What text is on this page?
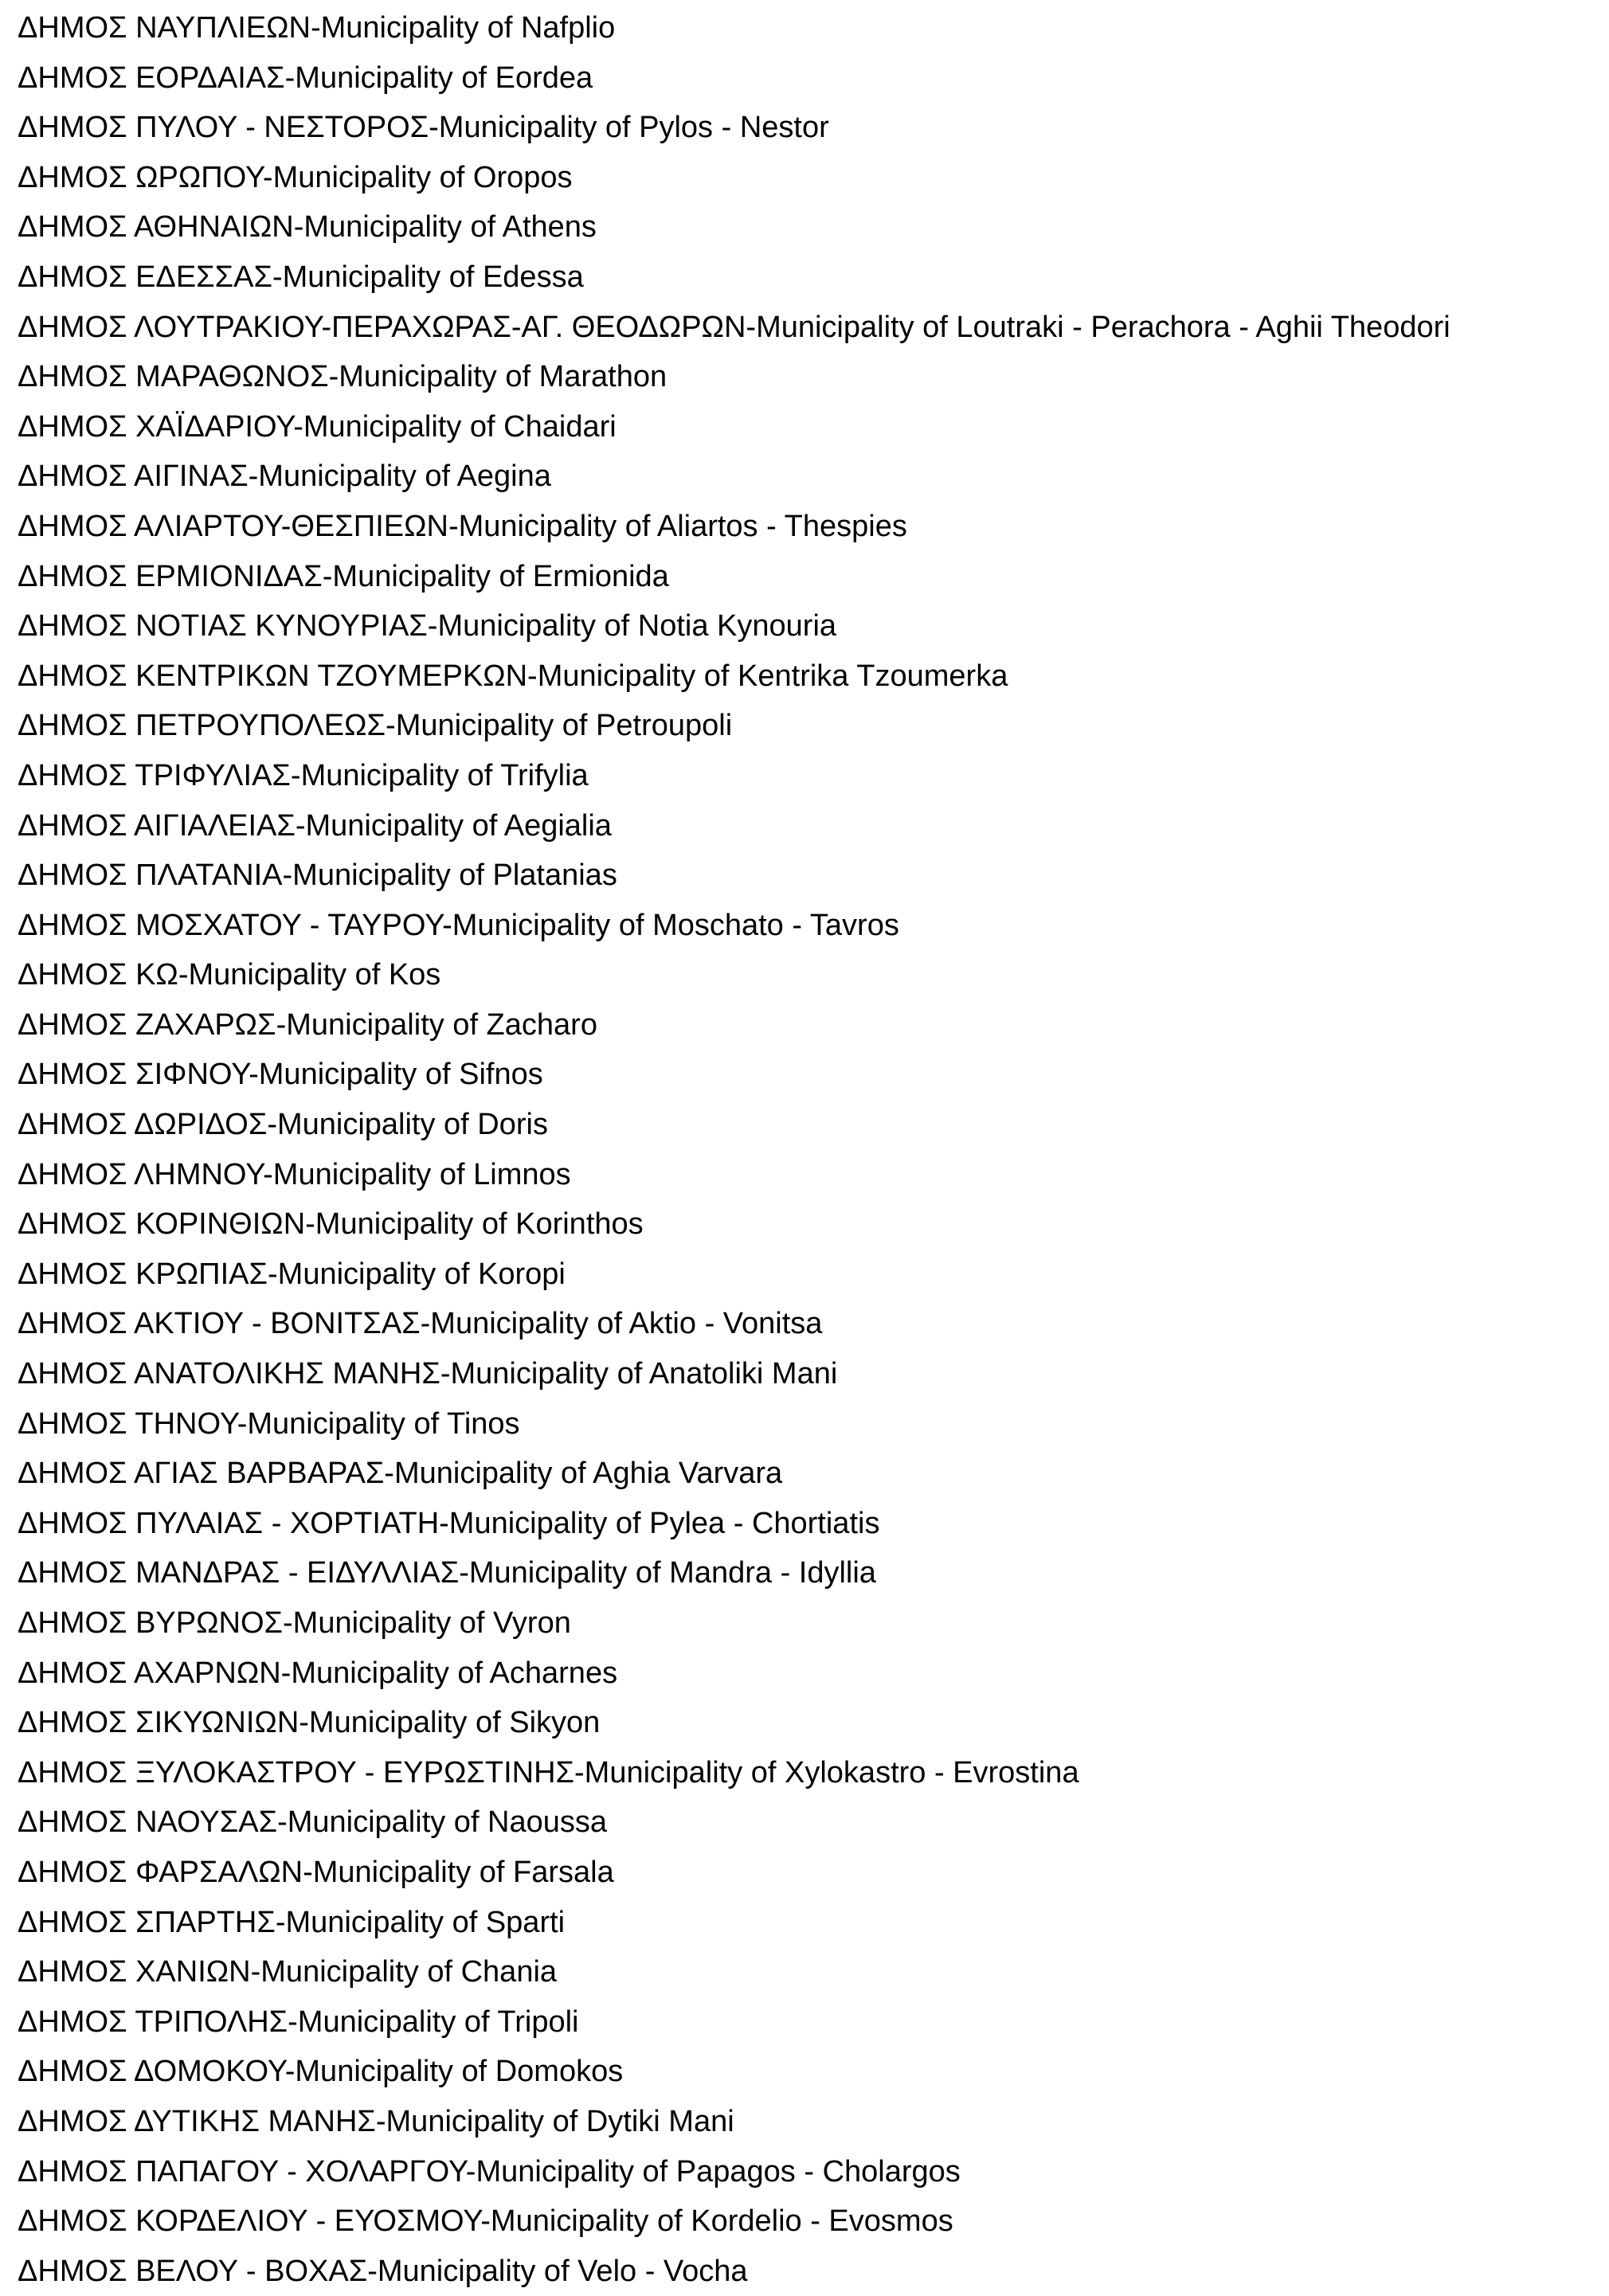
ΔΗΜΟΣ ΝΑΥΠΛΙΕΩΝ-Municipality of Nafplio
ΔΗΜΟΣ ΕΟΡΔΑΙΑΣ-Municipality of Eordea
ΔΗΜΟΣ ΠΥΛΟΥ - ΝΕΣΤΟΡΟΣ-Municipality of Pylos - Nestor
ΔΗΜΟΣ ΩΡΩΠΟΥ-Municipality of Oropos
ΔΗΜΟΣ ΑΘΗΝΑΙΩΝ-Municipality of Athens
ΔΗΜΟΣ ΕΔΕΣΣΑΣ-Municipality of Edessa
ΔΗΜΟΣ ΛΟΥΤΡΑΚΙΟΥ-ΠΕΡΑΧΩΡΑΣ-ΑΓ. ΘΕΟΔΩΡΩΝ-Municipality of Loutraki - Perachora - Aghii Theodori
ΔΗΜΟΣ ΜΑΡΑΘΩΝΟΣ-Municipality of Marathon
ΔΗΜΟΣ ΧΑΪΔΑΡΙΟΥ-Municipality of Chaidari
ΔΗΜΟΣ ΑΙΓΙΝΑΣ-Municipality of Aegina
ΔΗΜΟΣ ΑΛΙΑΡΤΟΥ-ΘΕΣΠΙΕΩΝ-Municipality of Aliartos - Thespies
ΔΗΜΟΣ ΕΡΜΙΟΝΙΔΑΣ-Municipality of Ermionida
ΔΗΜΟΣ ΝΟΤΙΑΣ ΚΥΝΟΥΡΙΑΣ-Municipality of Notia Kynouria
ΔΗΜΟΣ ΚΕΝΤΡΙΚΩΝ ΤΖΟΥΜΕΡΚΩΝ-Municipality of Kentrika Tzoumerka
ΔΗΜΟΣ ΠΕΤΡΟΥΠΟΛΕΩΣ-Municipality of Petroupoli
ΔΗΜΟΣ ΤΡΙΦΥΛΙΑΣ-Municipality of Trifylia
ΔΗΜΟΣ ΑΙΓΙΑΛΕΙΑΣ-Municipality of Aegialia
ΔΗΜΟΣ ΠΛΑΤΑΝΙΑ-Municipality of Platanias
ΔΗΜΟΣ ΜΟΣΧΑΤΟΥ - ΤΑΥΡΟΥ-Municipality of Moschato - Tavros
ΔΗΜΟΣ ΚΩ-Municipality of Kos
ΔΗΜΟΣ ΖΑΧΑΡΩΣ-Municipality of Zacharo
ΔΗΜΟΣ ΣΙΦΝΟΥ-Municipality of Sifnos
ΔΗΜΟΣ ΔΩΡΙΔΟΣ-Municipality of Doris
ΔΗΜΟΣ ΛΗΜΝΟΥ-Municipality of Limnos
ΔΗΜΟΣ ΚΟΡΙΝΘΙΩΝ-Municipality of Korinthos
ΔΗΜΟΣ ΚΡΩΠΙΑΣ-Municipality of Koropi
ΔΗΜΟΣ ΑΚΤΙΟΥ - ΒΟΝΙΤΣΑΣ-Municipality of Aktio - Vonitsa
ΔΗΜΟΣ ΑΝΑΤΟΛΙΚΗΣ ΜΑΝΗΣ-Municipality of Anatoliki Mani
ΔΗΜΟΣ ΤΗΝΟΥ-Municipality of Tinos
ΔΗΜΟΣ ΑΓΙΑΣ ΒΑΡΒΑΡΑΣ-Municipality of Aghia Varvara
ΔΗΜΟΣ ΠΥΛΑΙΑΣ - ΧΟΡΤΙΑΤΗ-Municipality of Pylea - Chortiatis
ΔΗΜΟΣ ΜΑΝΔΡΑΣ - ΕΙΔΥΛΛΙΑΣ-Municipality of Mandra - Idyllia
ΔΗΜΟΣ ΒΥΡΩΝΟΣ-Municipality of Vyron
ΔΗΜΟΣ ΑΧΑΡΝΩΝ-Municipality of Acharnes
ΔΗΜΟΣ ΣΙΚΥΩΝΙΩΝ-Municipality of Sikyon
ΔΗΜΟΣ ΞΥΛΟΚΑΣΤΡΟΥ - ΕΥΡΩΣΤΙΝΗΣ-Municipality of Xylokastro - Evrostina
ΔΗΜΟΣ ΝΑΟΥΣΑΣ-Municipality of Naoussa
ΔΗΜΟΣ ΦΑΡΣΑΛΩΝ-Municipality of Farsala
ΔΗΜΟΣ ΣΠΑΡΤΗΣ-Municipality of Sparti
ΔΗΜΟΣ ΧΑΝΙΩΝ-Municipality of Chania
ΔΗΜΟΣ ΤΡΙΠΟΛΗΣ-Municipality of Tripoli
ΔΗΜΟΣ ΔΟΜΟΚΟΥ-Municipality of Domokos
ΔΗΜΟΣ ΔΥΤΙΚΗΣ ΜΑΝΗΣ-Municipality of Dytiki Mani
ΔΗΜΟΣ ΠΑΠΑΓΟΥ - ΧΟΛΑΡΓΟΥ-Municipality of Papagos - Cholargos
ΔΗΜΟΣ ΚΟΡΔΕΛΙΟΥ - ΕΥΟΣΜΟΥ-Municipality of Kordelio - Evosmos
ΔΗΜΟΣ ΒΕΛΟΥ - ΒΟΧΑΣ-Municipality of Velo - Vocha
